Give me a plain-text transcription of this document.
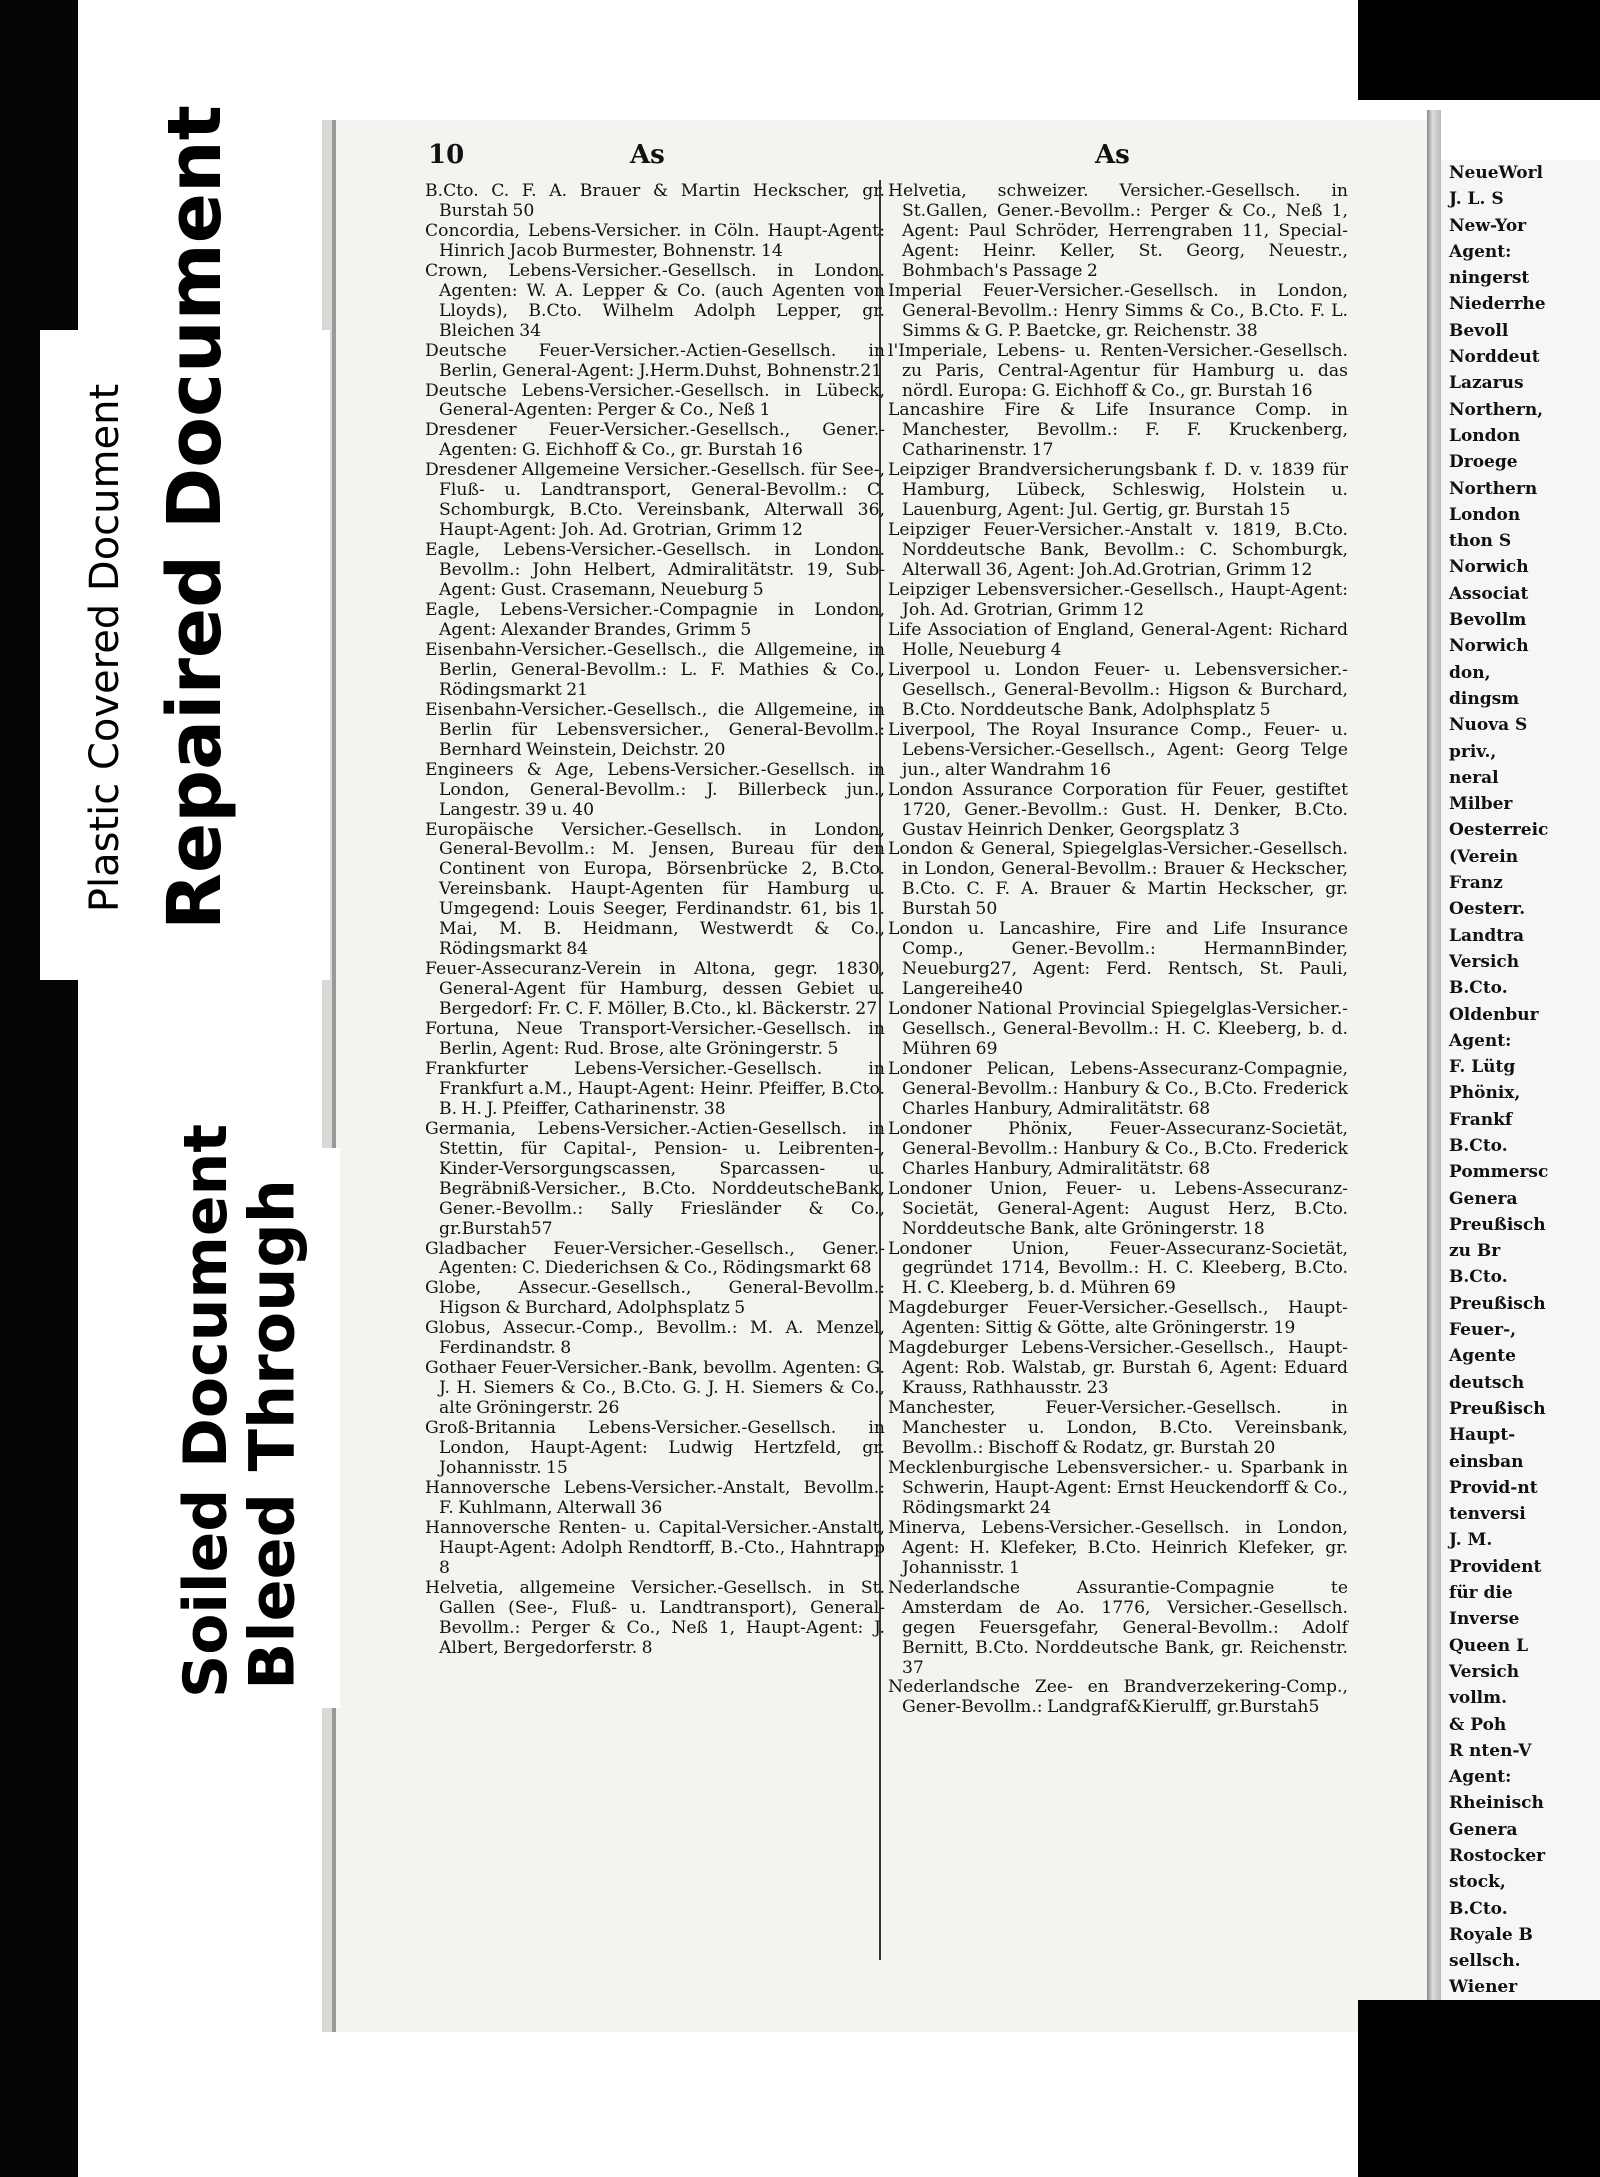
NeueWorl
J. L. S
New-Yor
Agent:
ningerst
Niederrhe
Bevoll
Norddeut
Lazarus
Northern,
London
Droege
Northern
London
thon S
Norwich
Associat
Bevollm
Norwich
don,
dingsm
Nuova S
priv.,
neral
Milber
Oesterreic
(Verein
Franz
Oesterr.
Landtra
Versich
B.Cto.
Oldenbur
Agent:
F. Lütg
Phönix,
Frankf
B.Cto.
Pommersc
Genera
Preußisch
zu Br
B.Cto.
Preußisch
Feuer-,
Agente
deutsch
Preußisch
Haupt-
einsban
Provid-nt
tenversi
J. M.
Provident
für die
Inverse
Queen L
Versich
vollm.
& Poh
R nten-V
Agent:
Rheinisch
Genera
Rostocker
stock,
B.Cto.
Royale B
sellsch.
Wiener
Plastic Covered Document Repaired Document
Soiled Document
Bleed Through
10	As	As
B.Cto. C. F. A. Brauer & Martin Heckscher, gr. Burstah 50
Concordia, Lebens-Versicher. in Cöln. Haupt-Agent: Hinrich Jacob Burmester, Bohnenstr. 14
Crown, Lebens-Versicher.-Gesellsch. in London. Agenten: W. A. Lepper & Co. (auch Agenten von Lloyds), B.Cto. Wilhelm Adolph Lepper, gr. Bleichen 34
Deutsche Feuer-Versicher.-Actien-Gesellsch. in Berlin, General-Agent: J.Herm.Duhst, Bohnenstr.21
Deutsche Lebens-Versicher.-Gesellsch. in Lübeck, General-Agenten: Perger & Co., Neß 1
Dresdener Feuer-Versicher.-Gesellsch., Gener.-Agenten: G. Eichhoff & Co., gr. Burstah 16
Dresdener Allgemeine Versicher.-Gesellsch. für See-, Fluß- u. Landtransport, General-Bevollm.: C. Schomburgk, B.Cto. Vereinsbank, Alterwall 36, Haupt-Agent: Joh. Ad. Grotrian, Grimm 12
Eagle, Lebens-Versicher.-Gesellsch. in London. Bevollm.: John Helbert, Admiralitätstr. 19, Sub-Agent: Gust. Crasemann, Neueburg 5
Eagle, Lebens-Versicher.-Compagnie in London, Agent: Alexander Brandes, Grimm 5
Eisenbahn-Versicher.-Gesellsch., die Allgemeine, in Berlin, General-Bevollm.: L. F. Mathies & Co., Rödingsmarkt 21
Eisenbahn-Versicher.-Gesellsch., die Allgemeine, in Berlin für Lebensversicher., General-Bevollm.: Bernhard Weinstein, Deichstr. 20
Engineers & Age, Lebens-Versicher.-Gesellsch. in London, General-Bevollm.: J. Billerbeck jun., Langestr. 39 u. 40
Europäische Versicher.-Gesellsch. in London, General-Bevollm.: M. Jensen, Bureau für den Continent von Europa, Börsenbrücke 2, B.Cto. Vereinsbank. Haupt-Agenten für Hamburg u. Umgegend: Louis Seeger, Ferdinandstr. 61, bis 1. Mai, M. B. Heidmann, Westwerdt & Co., Rödingsmarkt 84
Feuer-Assecuranz-Verein in Altona, gegr. 1830, General-Agent für Hamburg, dessen Gebiet u. Bergedorf: Fr. C. F. Möller, B.Cto., kl. Bäckerstr. 27
Fortuna, Neue Transport-Versicher.-Gesellsch. in Berlin, Agent: Rud. Brose, alte Gröningerstr. 5
Frankfurter Lebens-Versicher.-Gesellsch. in Frankfurt a.M., Haupt-Agent: Heinr. Pfeiffer, B.Cto. B. H. J. Pfeiffer, Catharinenstr. 38
Germania, Lebens-Versicher.-Actien-Gesellsch. in Stettin, für Capital-, Pension- u. Leibrenten-, Kinder-Versorgungscassen, Sparcassen- u. Begräbniß-Versicher., B.Cto. NorddeutscheBank, Gener.-Bevollm.: Sally Friesländer & Co., gr.Burstah57
Gladbacher Feuer-Versicher.-Gesellsch., Gener.-Agenten: C. Diederichsen & Co., Rödingsmarkt 68
Globe, Assecur.-Gesellsch., General-Bevollm.: Higson & Burchard, Adolphsplatz 5
Globus, Assecur.-Comp., Bevollm.: M. A. Menzel, Ferdinandstr. 8
Gothaer Feuer-Versicher.-Bank, bevollm. Agenten: G. J. H. Siemers & Co., B.Cto. G. J. H. Siemers & Co., alte Gröningerstr. 26
Groß-Britannia Lebens-Versicher.-Gesellsch. in London, Haupt-Agent: Ludwig Hertzfeld, gr. Johannisstr. 15
Hannoversche Lebens-Versicher.-Anstalt, Bevollm.: F. Kuhlmann, Alterwall 36
Hannoversche Renten- u. Capital-Versicher.-Anstalt, Haupt-Agent: Adolph Rendtorff, B.-Cto., Hahntrapp 8
Helvetia, allgemeine Versicher.-Gesellsch. in St. Gallen (See-, Fluß- u. Landtransport), General-Bevollm.: Perger & Co., Neß 1, Haupt-Agent: J. Albert, Bergedorferstr. 8
Helvetia, schweizer. Versicher.-Gesellsch. in St.Gallen, Gener.-Bevollm.: Perger & Co., Neß 1, Agent: Paul Schröder, Herrengraben 11, Special-Agent: Heinr. Keller, St. Georg, Neuestr., Bohmbach's Passage 2
Imperial Feuer-Versicher.-Gesellsch. in London, General-Bevollm.: Henry Simms & Co., B.Cto. F. L. Simms & G. P. Baetcke, gr. Reichenstr. 38
l'Imperiale, Lebens- u. Renten-Versicher.-Gesellsch. zu Paris, Central-Agentur für Hamburg u. das nördl. Europa: G. Eichhoff & Co., gr. Burstah 16
Lancashire Fire & Life Insurance Comp. in Manchester, Bevollm.: F. F. Kruckenberg, Catharinenstr. 17
Leipziger Brandversicherungsbank f. D. v. 1839 für Hamburg, Lübeck, Schleswig, Holstein u. Lauenburg, Agent: Jul. Gertig, gr. Burstah 15
Leipziger Feuer-Versicher.-Anstalt v. 1819, B.Cto. Norddeutsche Bank, Bevollm.: C. Schomburgk, Alterwall 36, Agent: Joh.Ad.Grotrian, Grimm 12
Leipziger Lebensversicher.-Gesellsch., Haupt-Agent: Joh. Ad. Grotrian, Grimm 12
Life Association of England, General-Agent: Richard Holle, Neueburg 4
Liverpool u. London Feuer- u. Lebensversicher.-Gesellsch., General-Bevollm.: Higson & Burchard, B.Cto. Norddeutsche Bank, Adolphsplatz 5
Liverpool, The Royal Insurance Comp., Feuer- u. Lebens-Versicher.-Gesellsch., Agent: Georg Telge jun., alter Wandrahm 16
London Assurance Corporation für Feuer, gestiftet 1720, Gener.-Bevollm.: Gust. H. Denker, B.Cto. Gustav Heinrich Denker, Georgsplatz 3
London & General, Spiegelglas-Versicher.-Gesellsch. in London, General-Bevollm.: Brauer & Heckscher, B.Cto. C. F. A. Brauer & Martin Heckscher, gr. Burstah 50
London u. Lancashire, Fire and Life Insurance Comp., Gener.-Bevollm.: HermannBinder, Neueburg27, Agent: Ferd. Rentsch, St. Pauli, Langereihe40
Londoner National Provincial Spiegelglas-Versicher.-Gesellsch., General-Bevollm.: H. C. Kleeberg, b. d. Mühren 69
Londoner Pelican, Lebens-Assecuranz-Compagnie, General-Bevollm.: Hanbury & Co., B.Cto. Frederick Charles Hanbury, Admiralitätstr. 68
Londoner Phönix, Feuer-Assecuranz-Societät, General-Bevollm.: Hanbury & Co., B.Cto. Frederick Charles Hanbury, Admiralitätstr. 68
Londoner Union, Feuer- u. Lebens-Assecuranz-Societät, General-Agent: August Herz, B.Cto. Norddeutsche Bank, alte Gröningerstr. 18
Londoner Union, Feuer-Assecuranz-Societät, gegründet 1714, Bevollm.: H. C. Kleeberg, B.Cto. H. C. Kleeberg, b. d. Mühren 69
Magdeburger Feuer-Versicher.-Gesellsch., Haupt-Agenten: Sittig & Götte, alte Gröningerstr. 19
Magdeburger Lebens-Versicher.-Gesellsch., Haupt-Agent: Rob. Walstab, gr. Burstah 6, Agent: Eduard Krauss, Rathhausstr. 23
Manchester, Feuer-Versicher.-Gesellsch. in Manchester u. London, B.Cto. Vereinsbank, Bevollm.: Bischoff & Rodatz, gr. Burstah 20
Mecklenburgische Lebensversicher.- u. Sparbank in Schwerin, Haupt-Agent: Ernst Heuckendorff & Co., Rödingsmarkt 24
Minerva, Lebens-Versicher.-Gesellsch. in London, Agent: H. Klefeker, B.Cto. Heinrich Klefeker, gr. Johannisstr. 1
Nederlandsche Assurantie-Compagnie te Amsterdam de Ao. 1776, Versicher.-Gesellsch. gegen Feuersgefahr, General-Bevollm.: Adolf Bernitt, B.Cto. Norddeutsche Bank, gr. Reichenstr. 37
Nederlandsche Zee- en Brandverzekering-Comp., Gener-Bevollm.: Landgraf&Kierulff, gr.Burstah5
